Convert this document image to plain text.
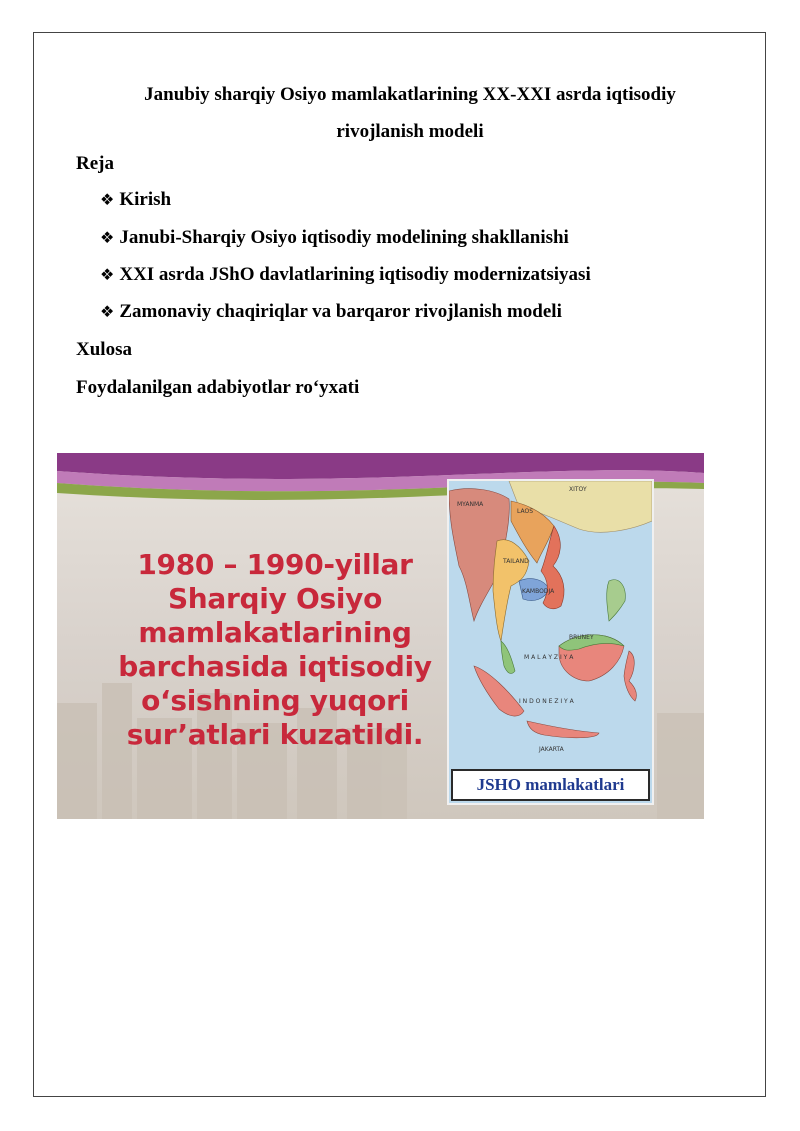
Janubiy sharqiy Osiyo mamlakatlarining XX-XXI asrda iqtisodiy
rivojlanish modeli
Reja
❖ Kirish
❖ Janubi-Sharqiy Osiyo iqtisodiy modelining shakllanishi
❖ XXI asrda JShO davlatlarining iqtisodiy modernizatsiyasi
❖ Zamonaviy chaqiriqlar va barqaror rivojlanish modeli
Xulosa
Foydalanilgan adabiyotlar ro‘yxati
1980 – 1990-yillar
Sharqiy Osiyo
mamlakatlarining
barchasida iqtisodiy
o‘sishning yuqori
sur’atlari kuzatildi.
XITOY
MYANMA
LAOS
TAILAND
KAMBODJA
BRUNEY
M A L A Y Z I Y A
I N D O N E Z I Y A
JAKARTA
JSHO mamlakatlari
